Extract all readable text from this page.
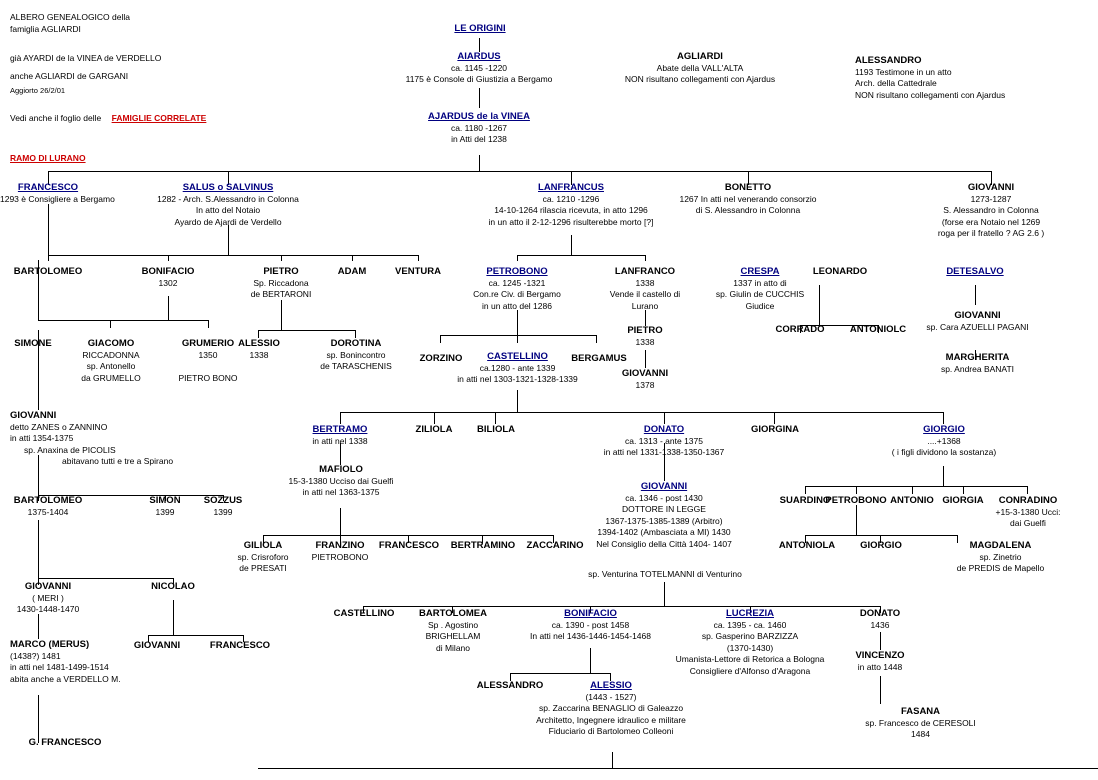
ALBERO GENEALOGICO della
famiglia AGLIARDI
già AYARDI de la VINEA de VERDELLO
anche AGLIARDI de GARGANI
Aggiorto 26/2/01
Vedi anche il foglio delle FAMIGLIE CORRELATE
RAMO DI LURANO
LE ORIGINI
AIARDUS
ca. 1145 -1220
1175 è Console di Giustizia a Bergamo
AGLIARDI
Abate della VALL'ALTA
NON risultano collegamenti con Ajardus
ALESSANDRO
1193 Testimone in un atto
Arch. della Cattedrale
NON risultano collegamenti con Ajardus
AJARDUS de la VINEA
ca. 1180 -1267
in Atti del 1238
FRANCESCO
1293 è Consigliere a Bergamo
SALUS o SALVINUS
1282 - Arch. S.Alessandro in Colonna
In atto del Notaio
Ayardo de Ajardi de Verdello
LANFRANCUS
ca. 1210 -1296
14-10-1264 rilascia ricevuta, in atto 1296
in un atto il 2-12-1296 risulterebbe morto [?]
BONETTO
1267 In atti nel venerando consorzio
di S. Alessandro in Colonna
GIOVANNI
1273-1287
S. Alessandro in Colonna
(forse era Notaio nel 1269
roga per il fratello ? AG 2.6 )
BARTOLOMEO	BONIFACIO
1302
PIETRO
Sp. Riccadona
de BERTARONI
ADAM	VENTURA	PETROBONO
ca. 1245 -1321
Con.re Civ. di Bergamo
in un atto del 1286
LANFRANCO
1338
Vende il castello di
Lurano
CRESPA
1337 in atto di
sp. Giulin de CUCCHIS
Giudice
LEONARDO	DETESALVO
SIMONE	GIACOMO
RICCADONNA
sp. Antonello
da GRUMELLO
GRUMERIO
1350
PIETRO BONO
ALESSIO
1338
DOROTINA
sp. Bonincontro
de TARASCHENIS
ZORZINO	CASTELLINO
ca.1280 - ante 1339
in atti nel 1303-1321-1328-1339
BERGAMUS
PIETRO
1338
GIOVANNI
1378
CORRADO	ANTONIOLC
GIOVANNI
sp. Cara AZUELLI PAGANI
MARGHERITA
sp. Andrea BANATI
GIOVANNI
detto ZANES o ZANNINO
in atti 1354-1375
sp. Anaxina de PICOLIS
abitavano tutti e tre a Spirano
BERTRAMO
in atti nel 1338
ZILIOLA	BILIOLA	DONATO
ca. 1313 - ante 1375
in atti nel 1331-1338-1350-1367
GIORGINA	GIORGIO
....+1368
( i figli dividono la sostanza)
MAFIOLO
15-3-1380 Ucciso dai Guelfi
in atti nel 1363-1375	GIOVANNI
ca. 1346 - post 1430
DOTTORE IN LEGGE
1367-1375-1385-1389 (Arbitro)
1394-1402 (Ambasciata a MI) 1430
Nel Consiglio della Città 1404- 1407
SUARDINO
PETROBONO ANTONIO GIORGIA	CONRADINO
+15-3-1380 Ucci:
dai Guelfi
BARTOLOMEO
1375-1404
SIMON
1399
SOZZUS
1399
GILIOLA
sp. Crisroforo
de PRESATI
FRANZINO
PIETROBONO
FRANCESCO	BERTRAMINO	ZACCARINO	ANTONIOLA	GIORGIO	MAGDALENA
sp. Zinetrio
de PREDIS de Mapello
sp. Venturina TOTELMANNI di Venturino
GIOVANNI
( MERI )
1430-1448-1470
NICOLAO
CASTELLINO	BARTOLOMEA
Sp . Agostino
BRIGHELLAM
di Milano
BONIFACIO
ca. 1390 - post 1458
In atti nel 1436-1446-1454-1468
LUCREZIA
ca. 1395 - ca. 1460
sp. Gasperino BARZIZZA
(1370-1430)
Umanista-Lettore di Retorica a Bologna
Consigliere d'Alfonso d'Aragona
DONATO
1436
MARCO (MERUS)
(1438?) 1481
in atti nel 1481-1499-1514
abita anche a VERDELLO M.
GIOVANNI	FRANCESCO
ALESSANDRO	ALESSIO
(1443 - 1527)
sp. Zaccarina BENAGLIO di Galeazzo
Architetto, Ingegnere idraulico e militare
Fiduciario di Bartolomeo Colleoni
VINCENZO
in atto 1448
FASANA
sp. Francesco de CERESOLI
1484
G. FRANCESCO
